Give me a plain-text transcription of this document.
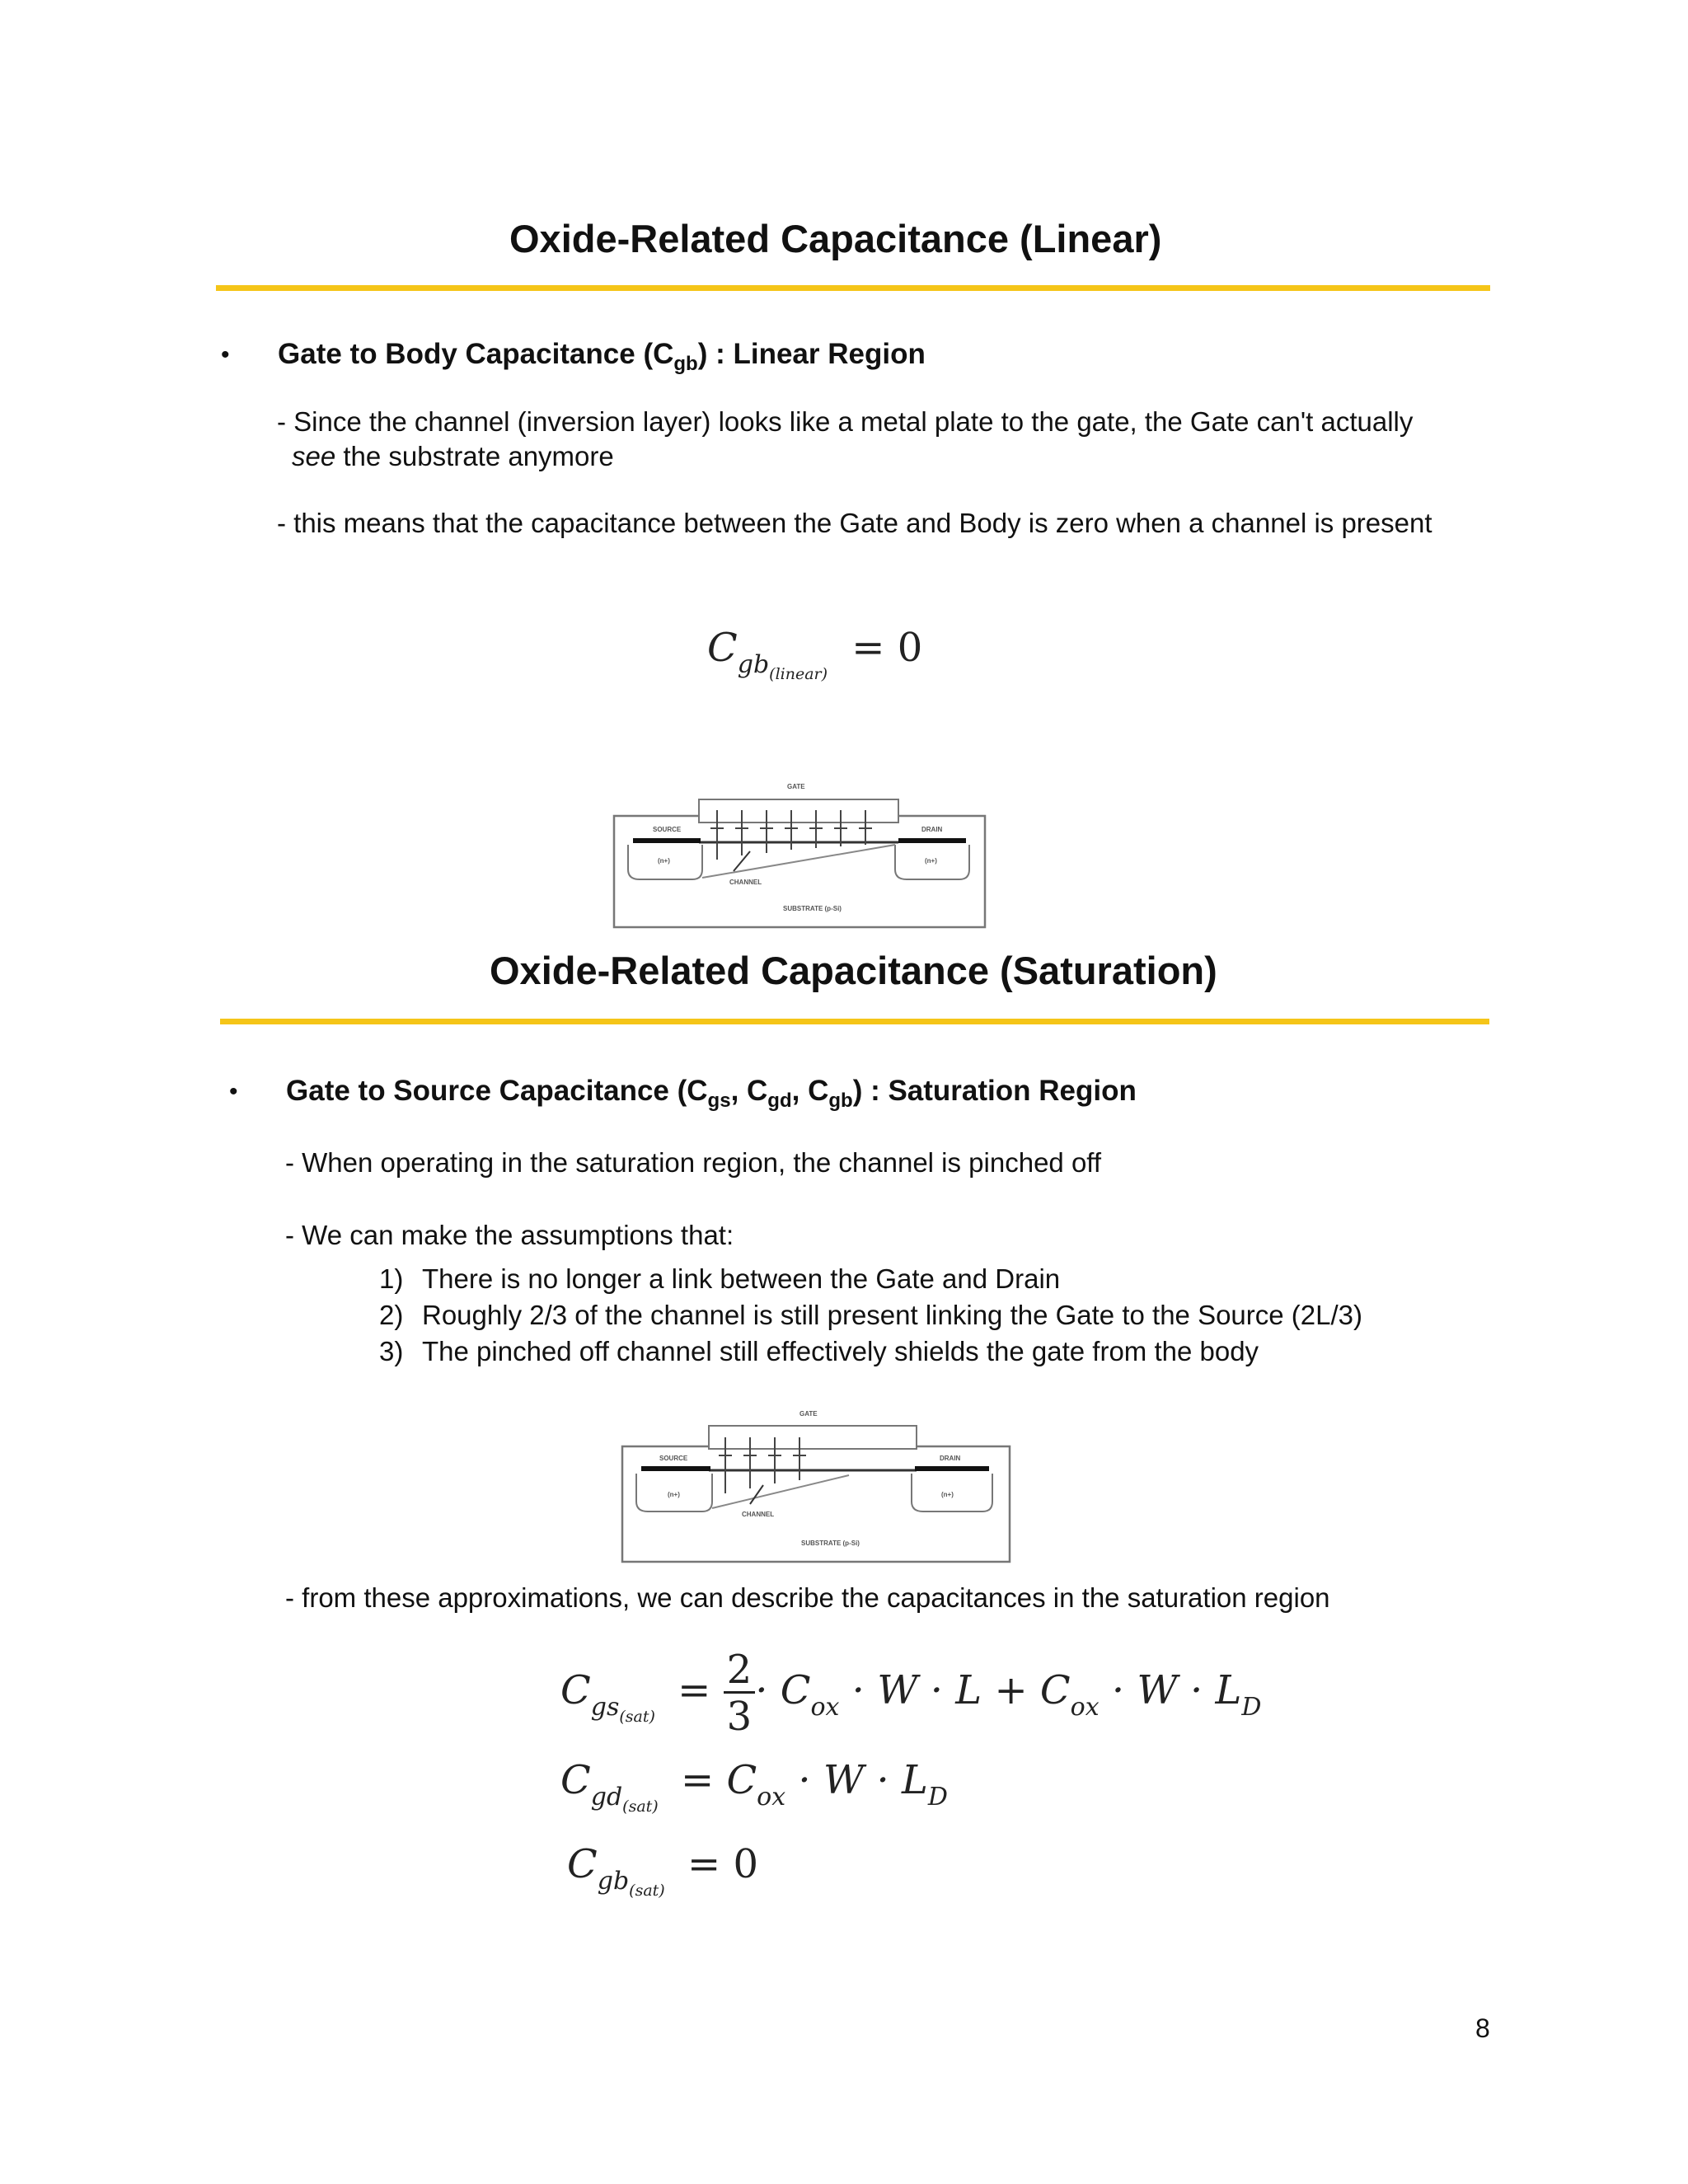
Oxide-Related Capacitance (Linear)
• Gate to Body Capacitance $(C_{gb})$ : Linear Region
- Since the channel (inversion layer) looks like a metal plate to the gate, the Gate can't actually
see the substrate anymore
- this means that the capacitance between the Gate and Body is zero when a channel is present
$C_{gb_{(linear)}} = 0$
GATE
SOURCE	DRAIN
(n+)	(n+)
CHANNEL
SUBSTRATE (p-Si)
Oxide-Related Capacitance (Saturation)
• Gate to Source Capacitance ($C_{gs}$, $C_{gd}$, $C_{gb}$) : Saturation Region
- When operating in the saturation region, the channel is pinched off
- We can make the assumptions that:
1) There is no longer a link between the Gate and Drain
2) Roughly 2/3 of the channel is still present linking the Gate to the Source (2L/3)
3) The pinched off channel still effectively shields the gate from the body
GATE
SOURCE	DRAIN
(n+)	(n+)
CHANNEL
SUBSTRATE (p-Si)
- from these approximations, we can describe the capacitances in the saturation region
$C_{gs_{(sat)}} = \frac{2}{3} \cdot C_{ox} \cdot W \cdot L + C_{ox} \cdot W \cdot L_D$
$C_{gd_{(sat)}} = C_{ox} \cdot W \cdot L_D$
$C_{gb_{(sat)}} = 0$
8
